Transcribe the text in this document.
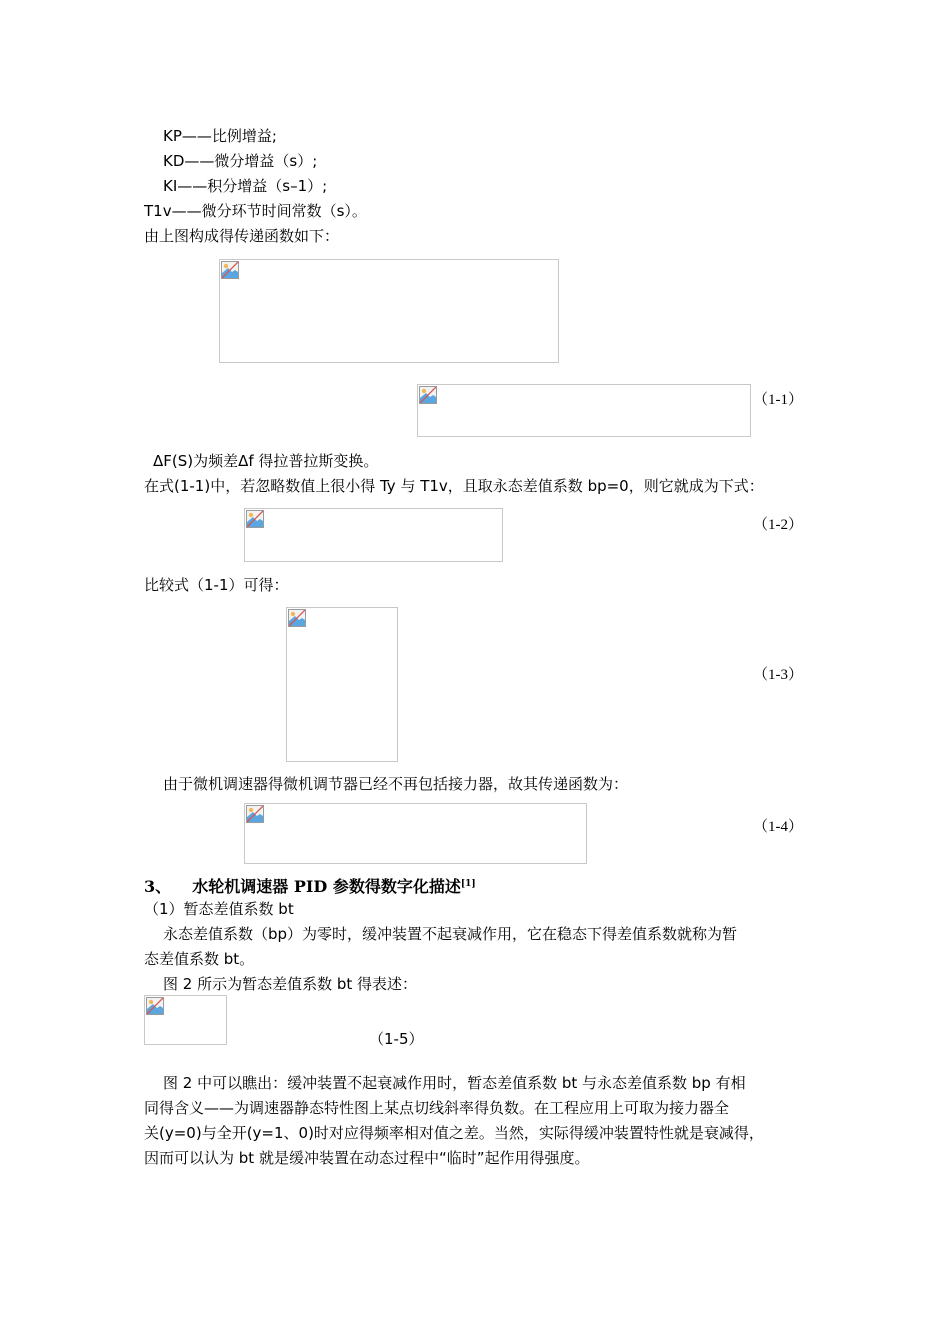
KP——比例增益;
KD——微分增益（s）;
KI——积分增益（s–1）;
T1v——微分环节时间常数（s）。
由上图构成得传递函数如下：
（1-1）
ΔF(S)为频差Δf 得拉普拉斯变换。
在式(1-1)中，若忽略数值上很小得 Ty 与 T1v，且取永态差值系数 bp=0，则它就成为下式：
（1-2）
比较式（1-1）可得：
（1-3）
由于微机调速器得微机调节器已经不再包括接力器，故其传递函数为：
（1-4）
3、 水轮机调速器 PID 参数得数字化描述[1]
（1）暂态差值系数 bt
永态差值系数（bp）为零时，缓冲装置不起衰减作用，它在稳态下得差值系数就称为暂
态差值系数 bt。
图 2 所示为暂态差值系数 bt 得表述：
（1-5）
图 2 中可以瞧出：缓冲装置不起衰减作用时，暂态差值系数 bt 与永态差值系数 bp 有相
同得含义——为调速器静态特性图上某点切线斜率得负数。在工程应用上可取为接力器全
关(y=0)与全开(y=1、0)时对应得频率相对值之差。当然，实际得缓冲装置特性就是衰减得，
因而可以认为 bt 就是缓冲装置在动态过程中“临时”起作用得强度。
